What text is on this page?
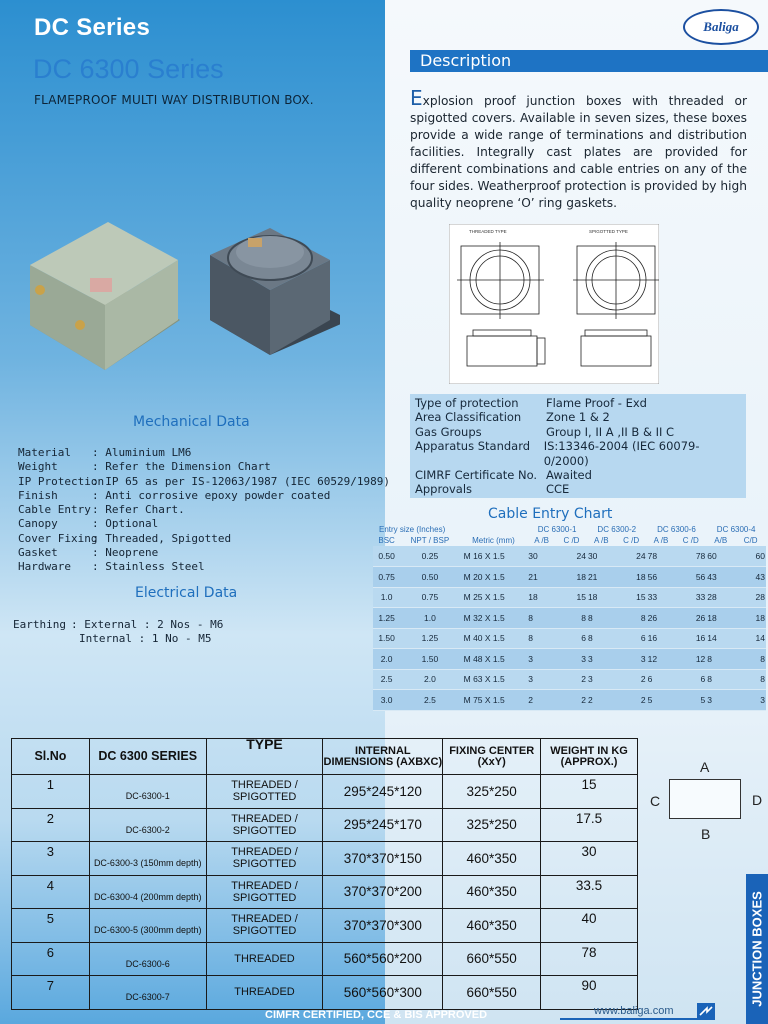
DC Series
DC 6300 Series
FLAMEPROOF MULTI WAY DISTRIBUTION BOX.
Baliga
Description
Explosion proof junction boxes with threaded or spigotted covers. Available in seven sizes, these boxes provide a wide range of terminations and distribution facilities. Integrally cast plates are provided for different combinations and cable entries on any of the four sides. Weatherproof protection is provided by high quality neoprene ‘O’ ring gaskets.
THREADED TYPE	SPIGOTTED TYPE
Mechanical Data
Material	: Aluminium LM6
Weight	: Refer the Dimension Chart
IP Protection
: IP 65 as per IS-12063/1987 (IEC 60529/1989)
Finish	: Anti corrosive epoxy powder coated
Cable Entry : Refer Chart.
Canopy	: Optional
Cover Fixing
: Threaded, Spigotted
Gasket	: Neoprene
Hardware	: Stainless Steel
Electrical Data
Earthing : External : 2 Nos - M6
Internal : 1 No - M5
Type of protection	Flame Proof - Exd
Area Classification	Zone 1 & 2
Gas Groups	Group I, II A ,II B & II C
Apparatus Standard	IS:13346-2004 (IEC 60079-0/2000)
CIMRF Certificate No. Awaited
Approvals	CCE
Cable Entry Chart
Entry size (Inches)			DC 6300-1		DC 6300-2		DC 6300-6		DC 6300-4	
BSC	NPT / BSP	Metric (mm)	A /B	C /D	A /B	C /D	A /B	C /D	A/B	C/D
0.50	0.25	M 16 X 1.5	30	24	30	24	78	78	60	60
0.75	0.50	M 20 X 1.5	21	18	21	18	56	56	43	43
1.0	0.75	M 25 X 1.5	18	15	18	15	33	33	28	28
1.25	1.0	M 32 X 1.5	8	8	8	8	26	26	18	18
1.50	1.25	M 40 X 1.5	8	6	8	6	16	16	14	14
2.0	1.50	M 48 X 1.5	3	3	3	3	12	12	8	8
2.5	2.0	M 63 X 1.5	3	2	3	2	6	6	8	8
3.0	2.5	M 75 X 1.5	2	2	2	2	5	5	3	3
Sl.No	DC 6300 SERIES	TYPE	INTERNAL DIMENSIONS (AXBXC)	FIXING CENTER (XxY)	WEIGHT IN KG (APPROX.)
1	DC-6300-1	THREADED / SPIGOTTED	295*245*120	325*250	15
2	DC-6300-2	THREADED / SPIGOTTED	295*245*170	325*250	17.5
3	DC-6300-3 (150mm depth)	THREADED / SPIGOTTED	370*370*150	460*350	30
4	DC-6300-4 (200mm depth)	THREADED / SPIGOTTED	370*370*200	460*350	33.5
5	DC-6300-5 (300mm depth)	THREADED / SPIGOTTED	370*370*300	460*350	40
6	DC-6300-6	THREADED	560*560*200	660*550	78
7	DC-6300-7	THREADED	560*560*300	660*550	90
A
C	D
B
JUNCTION BOXES
CIMFR CERTIFIED, CCE & BIS APPROVED	www.baliga.com
